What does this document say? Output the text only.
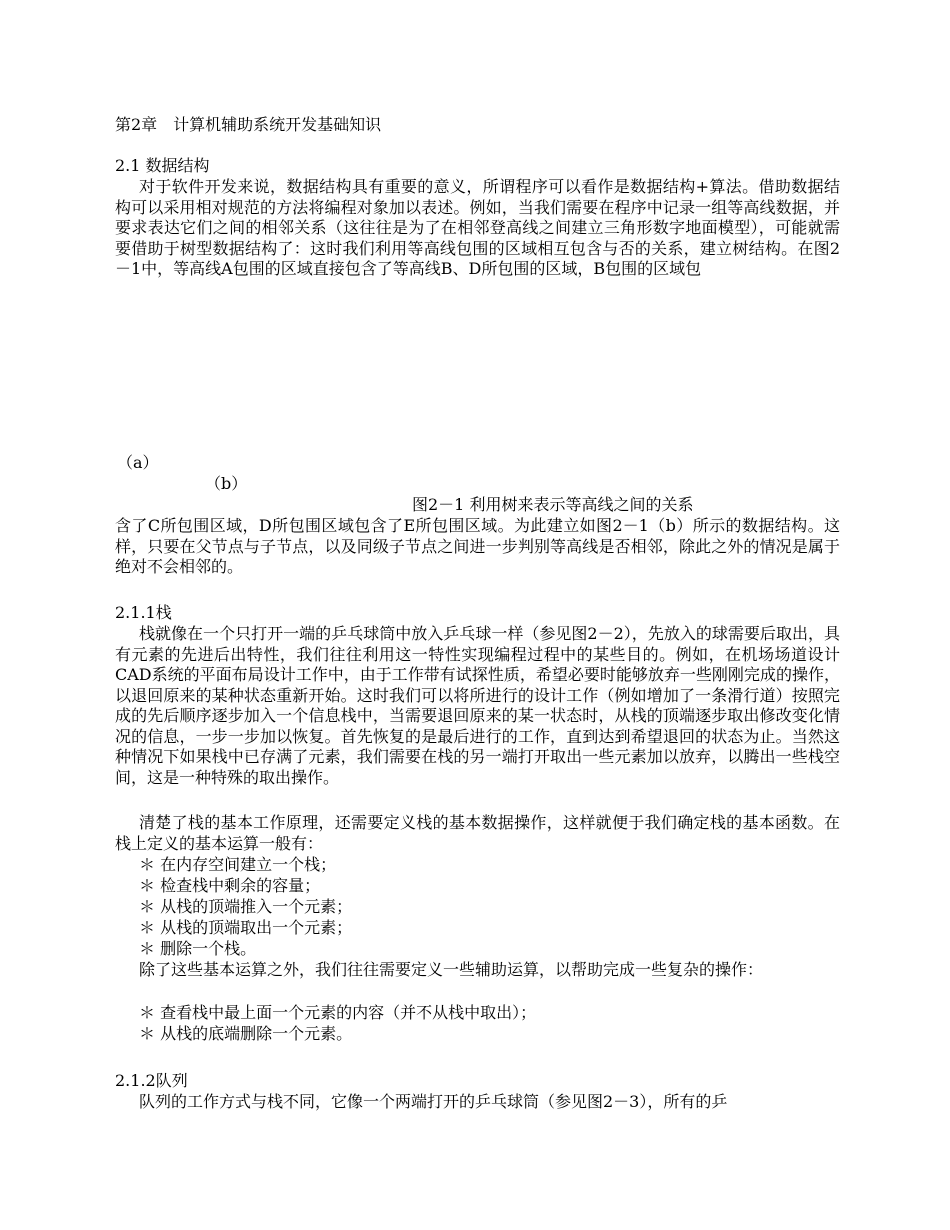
第2章　计算机辅助系统开发基础知识
2.1 数据结构

对于软件开发来说，数据结构具有重要的意义，所谓程序可以看作是数据结构+算法。借助数据结构可以采用相对规范的方法将编程对象加以表述。例如，当我们需要在程序中记录一组等高线数据，并要求表达它们之间的相邻关系（这往往是为了在相邻登高线之间建立三角形数字地面模型），可能就需要借助于树型数据结构了：这时我们利用等高线包围的区域相互包含与否的关系，建立树结构。在图2－1中，等高线A包围的区域直接包含了等高线B、D所包围的区域，B包围的区域包

（a）
（b）
图2－1 利用树来表示等高线之间的关系

含了C所包围区域，D所包围区域包含了E所包围区域。为此建立如图2－1（b）所示的数据结构。这样，只要在父节点与子节点，以及同级子节点之间进一步判别等高线是否相邻，除此之外的情况是属于绝对不会相邻的。

2.1.1栈

栈就像在一个只打开一端的乒乓球筒中放入乒乓球一样（参见图2－2），先放入的球需要后取出，具有元素的先进后出特性，我们往往利用这一特性实现编程过程中的某些目的。例如，在机场场道设计CAD系统的平面布局设计工作中，由于工作带有试探性质，希望必要时能够放弃一些刚刚完成的操作，以退回原来的某种状态重新开始。这时我们可以将所进行的设计工作（例如增加了一条滑行道）按照完成的先后顺序逐步加入一个信息栈中，当需要退回原来的某一状态时，从栈的顶端逐步取出修改变化情况的信息，一步一步加以恢复。首先恢复的是最后进行的工作，直到达到希望退回的状态为止。当然这种情况下如果栈中已存满了元素，我们需要在栈的另一端打开取出一些元素加以放弃，以腾出一些栈空间，这是一种特殊的取出操作。

清楚了栈的基本工作原理，还需要定义栈的基本数据操作，这样就便于我们确定栈的基本函数。在栈上定义的基本运算一般有：

＊ 在内存空间建立一个栈；
＊ 检查栈中剩余的容量；
＊ 从栈的顶端推入一个元素；
＊ 从栈的顶端取出一个元素；
＊ 删除一个栈。

除了这些基本运算之外，我们往往需要定义一些辅助运算，以帮助完成一些复杂的操作：

＊ 查看栈中最上面一个元素的内容（并不从栈中取出）；
＊ 从栈的底端删除一个元素。
2.1.2队列

队列的工作方式与栈不同，它像一个两端打开的乒乓球筒（参见图2－3），所有的乒
